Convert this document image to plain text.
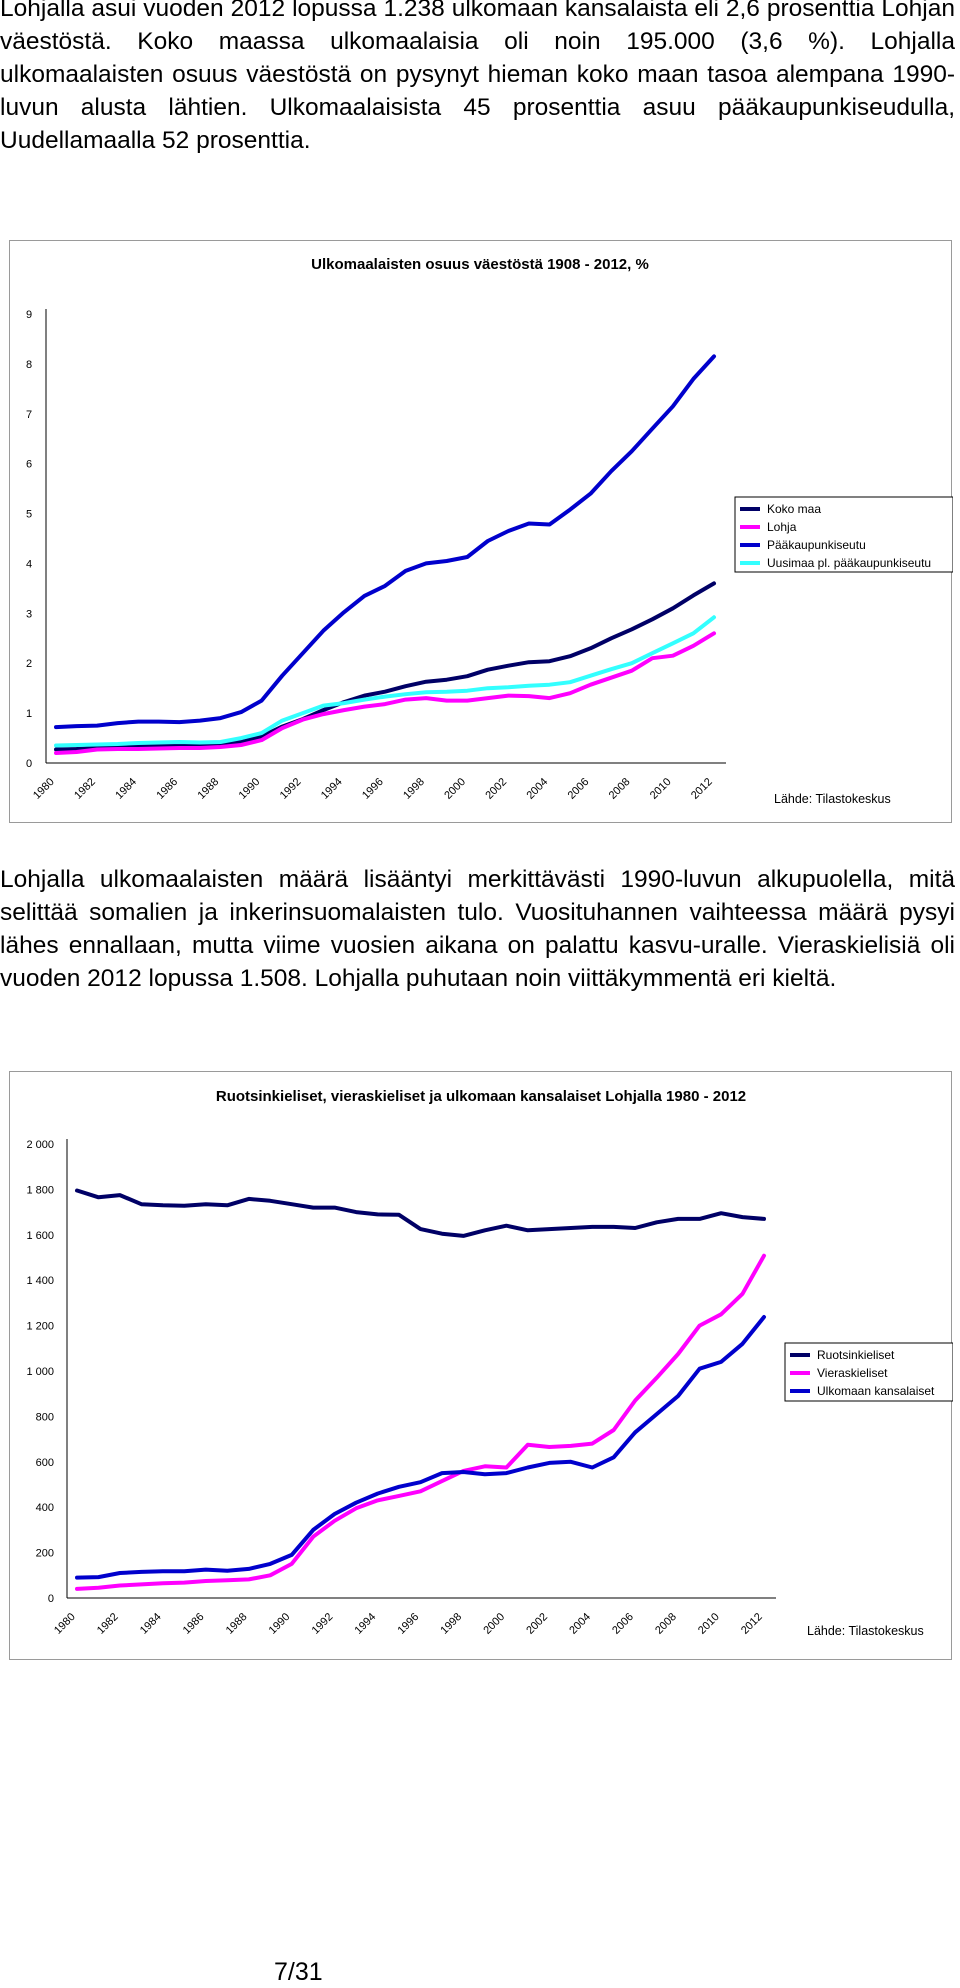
Lohjalla asui vuoden 2012 lopussa 1.238 ulkomaan kansalaista eli 2,6 prosenttia Lohjan väestöstä. Koko maassa ulkomaalaisia oli noin 195.000 (3,6 %). Lohjalla ulkomaalaisten osuus väestöstä on pysynyt hieman koko maan tasoa alempana 1990-luvun alusta lähtien. Ulkomaalaisista 45 prosenttia asuu pääkaupunkiseudulla, Uudellamaalla 52 prosenttia.

Ulkomaalaisten osuus väestöstä 1908 - 2012, %
0
1
2
3
4
5
6
7
8
9
1980 1982 1984 1986 1988 1990 1992 1994 1996 1998 2000 2002 2004 2006 2008 2010 2012
Koko maa
Lohja
Pääkaupunkiseutu
Uusimaa pl. pääkaupunkiseutu
Lähde: Tilastokeskus

Lohjalla ulkomaalaisten määrä lisääntyi merkittävästi 1990-luvun alkupuolella, mitä selittää somalien ja inkerinsuomalaisten tulo. Vuosituhannen vaihteessa määrä pysyi lähes ennallaan, mutta viime vuosien aikana on palattu kasvu-uralle. Vieraskielisiä oli vuoden 2012 lopussa 1.508. Lohjalla puhutaan noin viittäkymmentä eri kieltä.

Ruotsinkieliset, vieraskieliset ja ulkomaan kansalaiset Lohjalla 1980 - 2012
0
200
400
600
800
1 000
1 200
1 400
1 600
1 800
2 000
1980 1982 1984 1986 1988 1990 1992 1994 1996 1998 2000 2002 2004 2006 2008 2010 2012
Ruotsinkieliset
Vieraskieliset
Ulkomaan kansalaiset
Lähde: Tilastokeskus
7/31
